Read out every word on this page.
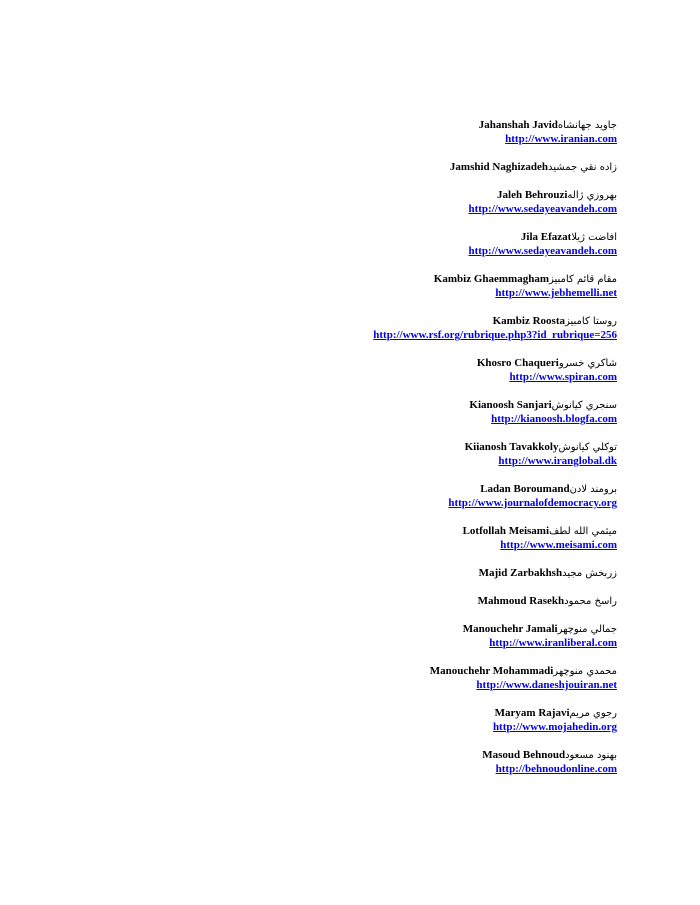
Jahanshah Javidجاوید جهانشاه
http://www.iranian.com
Jamshid Naghizadehزاده نقي جمشيد
Jaleh Behrouziبهروزي ژاله
http://www.sedayeavandeh.com
Jila Efazatافاضت ژيلا
http://www.sedayeavandeh.com
Kambiz Ghaemmaghamمقام قائم كامبيز
http://www.jebhemelli.net
Kambiz Roostaروستا كامبيز
http://www.rsf.org/rubrique.php3?id_rubrique=256
Khosro Chaqueriشاكري خسرو
http://www.spiran.com
Kianoosh Sanjariسنجري كيانوش
http://kianoosh.blogfa.com
Kiianosh Tavakkolyتوكلي كيانوش
http://www.iranglobal.dk
Ladan Boroumandبرومند لادن
http://www.journalofdemocracy.org
Lotfollah Meisamiميثمي الله لطف
http://www.meisami.com
Majid Zarbakhshزربخش مجيد
Mahmoud Rasekhراسخ محمود
Manouchehr Jamaliجمالي منوچهر
http://www.iranliberal.com
Manouchehr Mohammadiمحمدي منوچهر
http://www.daneshjouiran.net
Maryam Rajaviرجوي مريم
http://www.mojahedin.org
Masoud Behnoudبهنود مسعود
http://behnoudonline.com
